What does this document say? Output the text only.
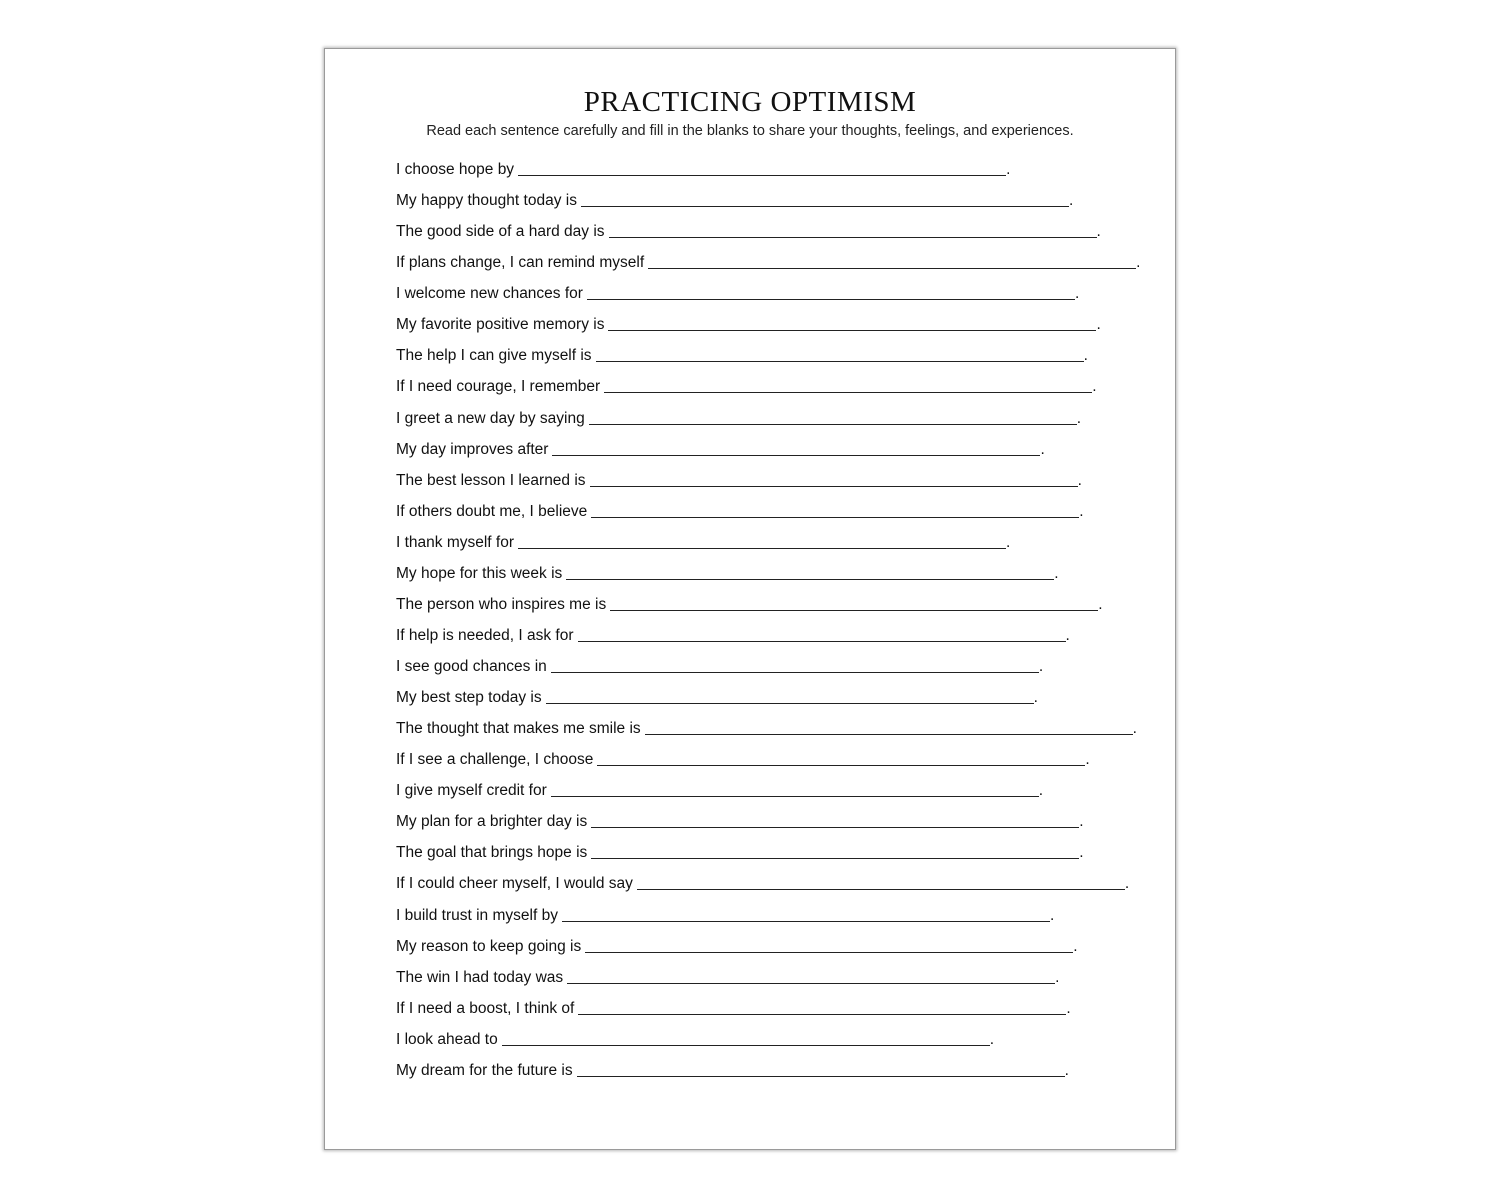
PRACTICING OPTIMISM
Read each sentence carefully and fill in the blanks to share your thoughts, feelings, and experiences.
I choose hope by	.
My happy thought today is	.
The good side of a hard day is	.
If plans change, I can remind myself	.
I welcome new chances for	.
My favorite positive memory is	.
The help I can give myself is	.
If I need courage, I remember	.
I greet a new day by saying	.
My day improves after	.
The best lesson I learned is	.
If others doubt me, I believe	.
I thank myself for	.
My hope for this week is	.
The person who inspires me is	.
If help is needed, I ask for	.
I see good chances in	.
My best step today is	.
The thought that makes me smile is	.
If I see a challenge, I choose	.
I give myself credit for	.
My plan for a brighter day is	.
The goal that brings hope is	.
If I could cheer myself, I would say	.
I build trust in myself by	.
My reason to keep going is	.
The win I had today was	.
If I need a boost, I think of	.
I look ahead to	.
My dream for the future is	.
